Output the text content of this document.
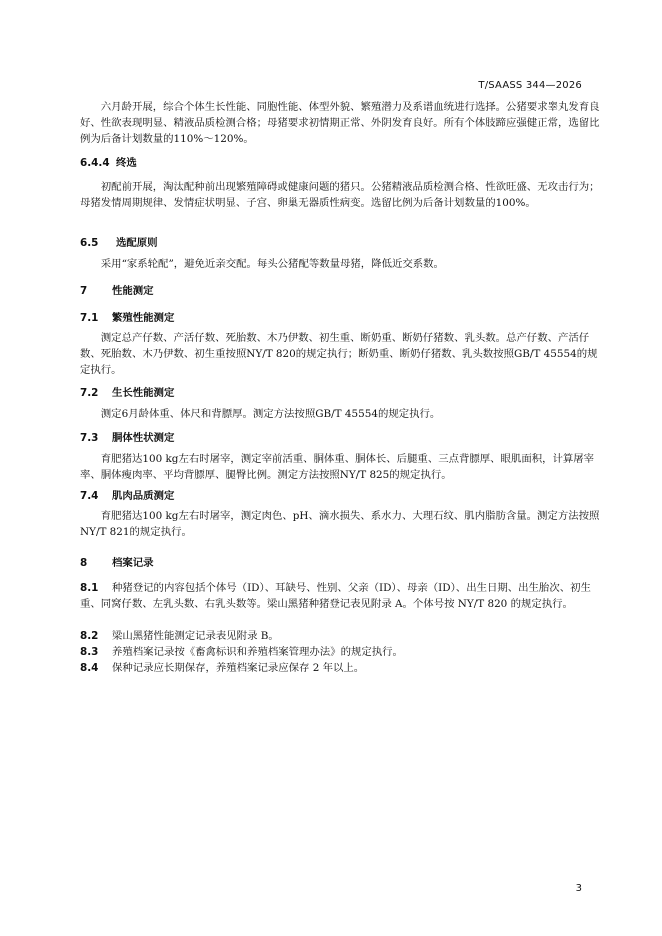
T/SAASS 344—2026
六月龄开展，综合个体生长性能、同胞性能、体型外貌、繁殖潜力及系谱血统进行选择。公猪要求睾丸发育良好、性欲表现明显、精液品质检测合格；母猪要求初情期正常、外阴发育良好。所有个体肢蹄应强健正常，选留比例为后备计划数量的110%～120%。
6.4.4 终选
初配前开展，淘汰配种前出现繁殖障碍或健康问题的猪只。公猪精液品质检测合格、性欲旺盛、无攻击行为；母猪发情周期规律、发情症状明显、子宫、卵巢无器质性病变。选留比例为后备计划数量的100%。
6.5 选配原则
采用“家系轮配”，避免近亲交配。每头公猪配等数量母猪，降低近交系数。
7 性能测定
7.1 繁殖性能测定
测定总产仔数、产活仔数、死胎数、木乃伊数、初生重、断奶重、断奶仔猪数、乳头数。总产仔数、产活仔数、死胎数、木乃伊数、初生重按照NY/T 820的规定执行；断奶重、断奶仔猪数、乳头数按照GB/T 45554的规定执行。
7.2 生长性能测定
测定6月龄体重、体尺和背膘厚。测定方法按照GB/T 45554的规定执行。
7.3 胴体性状测定
育肥猪达100 kg左右时屠宰，测定宰前活重、胴体重、胴体长、后腿重、三点背膘厚、眼肌面积，计算屠宰率、胴体瘦肉率、平均背膘厚、腿臀比例。测定方法按照NY/T 825的规定执行。
7.4 肌肉品质测定
育肥猪达100 kg左右时屠宰，测定肉色、pH、滴水损失、系水力、大理石纹、肌内脂肪含量。测定方法按照NY/T 821的规定执行。
8 档案记录
8.1 种猪登记的内容包括个体号（ID）、耳缺号、性别、父亲（ID）、母亲（ID）、出生日期、出生胎次、初生重、同窝仔数、左乳头数、右乳头数等。梁山黑猪种猪登记表见附录 A。个体号按 NY/T 820 的规定执行。
8.2 梁山黑猪性能测定记录表见附录 B。
8.3 养殖档案记录按《畜禽标识和养殖档案管理办法》的规定执行。
8.4 保种记录应长期保存，养殖档案记录应保存 2 年以上。
3
